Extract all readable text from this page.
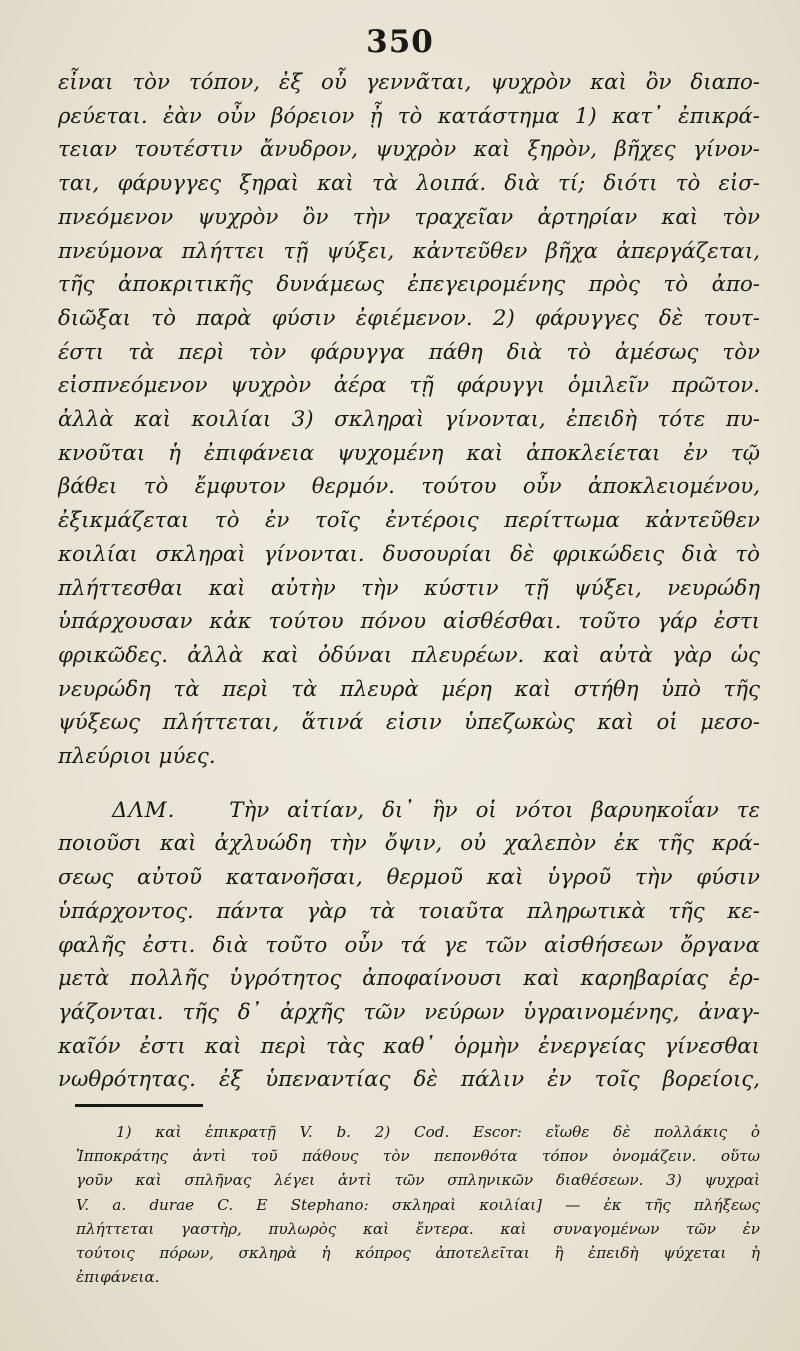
350
εἶναι τὸν τόπον, ἐξ οὗ γεννᾶται, ψυχρὸν καὶ ὂν διαπο-
ρεύεται. ἐὰν οὖν βόρειον ᾖ τὸ κατάστημα 1) κατ᾽ ἐπικρά-
τειαν τουτέστιν ἄνυδρον, ψυχρὸν καὶ ξηρὸν, βῆχες γίνον-
ται, φάρυγγες ξηραὶ καὶ τὰ λοιπά. διὰ τί; διότι τὸ εἰσ-
πνεόμενον ψυχρὸν ὂν τὴν τραχεῖαν ἀρτηρίαν καὶ τὸν
πνεύμονα πλήττει τῇ ψύξει, κἀντεῦθεν βῆχα ἀπεργάζεται,
τῆς ἀποκριτικῆς δυνάμεως ἐπεγειρομένης πρὸς τὸ ἀπο-
διῶξαι τὸ παρὰ φύσιν ἐφιέμενον. 2) φάρυγγες δὲ τουτ-
έστι τὰ περὶ τὸν φάρυγγα πάθη διὰ τὸ ἀμέσως τὸν
εἰσπνεόμενον ψυχρὸν ἀέρα τῇ φάρυγγι ὁμιλεῖν πρῶτον.
ἀλλὰ καὶ κοιλίαι 3) σκληραὶ γίνονται, ἐπειδὴ τότε πυ-
κνοῦται ἡ ἐπιφάνεια ψυχομένη καὶ ἀποκλείεται ἐν τῷ
βάθει τὸ ἔμφυτον θερμόν. τούτου οὖν ἀποκλειομένου,
ἐξικμάζεται τὸ ἐν τοῖς ἐντέροις περίττωμα κἀντεῦθεν
κοιλίαι σκληραὶ γίνονται. δυσουρίαι δὲ φρικώδεις διὰ τὸ
πλήττεσθαι καὶ αὐτὴν τὴν κύστιν τῇ ψύξει, νευρώδη
ὑπάρχουσαν κἀκ τούτου πόνου αἰσθέσθαι. τοῦτο γάρ ἐστι
φρικῶδες. ἀλλὰ καὶ ὀδύναι πλευρέων. καὶ αὐτὰ γὰρ ὡς
νευρώδη τὰ περὶ τὰ πλευρὰ μέρη καὶ στήθη ὑπὸ τῆς
ψύξεως πλήττεται, ἅτινά εἰσιν ὑπεζωκὼς καὶ οἱ μεσο-
πλεύριοι μύες.
ΔΛΜ.	Τὴν αἰτίαν, δι᾽ ἣν οἱ νότοι βαρυηκοΐαν τε
ποιοῦσι καὶ ἀχλυώδη τὴν ὄψιν, οὐ χαλεπὸν ἐκ τῆς κρά-
σεως αὐτοῦ κατανοῆσαι, θερμοῦ καὶ ὑγροῦ τὴν φύσιν
ὑπάρχοντος. πάντα γὰρ τὰ τοιαῦτα πληρωτικὰ τῆς κε-
φαλῆς ἐστι. διὰ τοῦτο οὖν τά γε τῶν αἰσθήσεων ὄργανα
μετὰ πολλῆς ὑγρότητος ἀποφαίνουσι καὶ καρηβαρίας ἐρ-
γάζονται. τῆς δ᾽ ἀρχῆς τῶν νεύρων ὑγραινομένης, ἀναγ-
καῖόν ἐστι καὶ περὶ τὰς καθ᾽ ὁρμὴν ἐνεργείας γίνεσθαι
νωθρότητας. ἐξ ὑπεναντίας δὲ πάλιν ἐν τοῖς βορείοις,
1) καὶ ἐπικρατῇ V. b. 2) Cod. Escor: εἴωθε δὲ πολλάκις ὁ
Ἱπποκράτης ἀντὶ τοῦ πάθους τὸν πεπονθότα τόπον ὀνομάζειν. οὕτω
γοῦν καὶ σπλῆνας λέγει ἀντὶ τῶν σπληνικῶν διαθέσεων. 3) ψυχραὶ
V. a. durae C. E Stephano: σκληραὶ κοιλίαι] — ἐκ τῆς πλήξεως
πλήττεται γαστὴρ, πυλωρὸς καὶ ἔντερα. καὶ συναγομένων τῶν ἐν
τούτοις πόρων, σκληρὰ ἡ κόπρος ἀποτελεῖται ἢ ἐπειδὴ ψύχεται ἡ
ἐπιφάνεια.
